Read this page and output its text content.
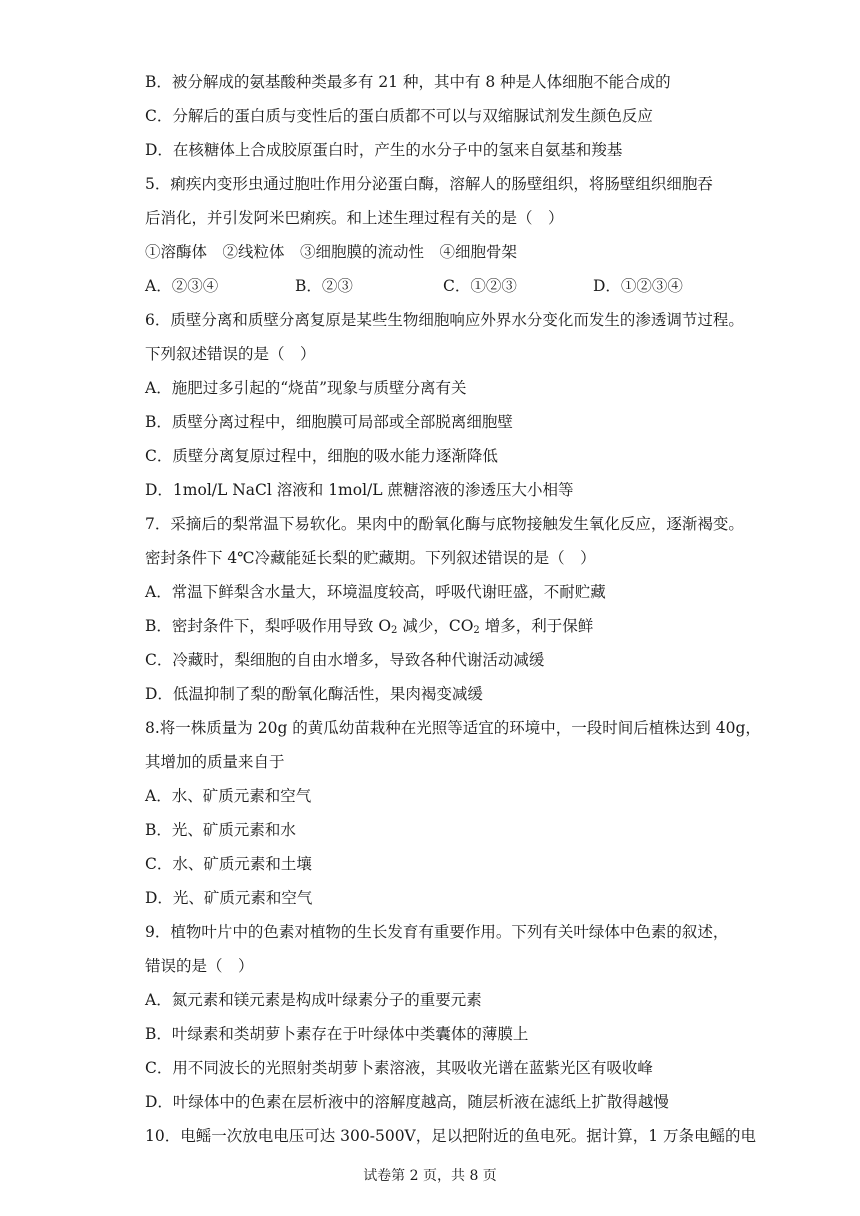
B．被分解成的氨基酸种类最多有 21 种，其中有 8 种是人体细胞不能合成的
C．分解后的蛋白质与变性后的蛋白质都不可以与双缩脲试剂发生颜色反应
D．在核糖体上合成胶原蛋白时，产生的水分子中的氢来自氨基和羧基
5．痢疾内变形虫通过胞吐作用分泌蛋白酶，溶解人的肠壁组织，将肠壁组织细胞吞
后消化，并引发阿米巴痢疾。和上述生理过程有关的是（　）
①溶酶体　②线粒体　③细胞膜的流动性　④细胞骨架
A．②③④	B．②③	C．①②③	D．①②③④
6．质壁分离和质壁分离复原是某些生物细胞响应外界水分变化而发生的渗透调节过程。
下列叙述错误的是（　）
A．施肥过多引起的“烧苗”现象与质壁分离有关
B．质壁分离过程中，细胞膜可局部或全部脱离细胞壁
C．质壁分离复原过程中，细胞的吸水能力逐渐降低
D．1mol/L NaCl 溶液和 1mol/L 蔗糖溶液的渗透压大小相等
7．采摘后的梨常温下易软化。果肉中的酚氧化酶与底物接触发生氧化反应，逐渐褐变。
密封条件下 4℃冷藏能延长梨的贮藏期。下列叙述错误的是（　）
A．常温下鲜梨含水量大，环境温度较高，呼吸代谢旺盛，不耐贮藏
B．密封条件下，梨呼吸作用导致 $O_2$ 减少，$CO_2$ 增多，利于保鲜
C．冷藏时，梨细胞的自由水增多，导致各种代谢活动减缓
D．低温抑制了梨的酚氧化酶活性，果肉褐变减缓
8.将一株质量为 20g 的黄瓜幼苗栽种在光照等适宜的环境中，一段时间后植株达到 40g，
其增加的质量来自于
A．水、矿质元素和空气
B．光、矿质元素和水
C．水、矿质元素和土壤
D．光、矿质元素和空气
9．植物叶片中的色素对植物的生长发育有重要作用。下列有关叶绿体中色素的叙述，
错误的是（　）
A．氮元素和镁元素是构成叶绿素分子的重要元素
B．叶绿素和类胡萝卜素存在于叶绿体中类囊体的薄膜上
C．用不同波长的光照射类胡萝卜素溶液，其吸收光谱在蓝紫光区有吸收峰
D．叶绿体中的色素在层析液中的溶解度越高，随层析液在滤纸上扩散得越慢
10．电鳐一次放电电压可达 300-500V，足以把附近的鱼电死。据计算，1 万条电鳐的电
试卷第 2 页，共 8 页
